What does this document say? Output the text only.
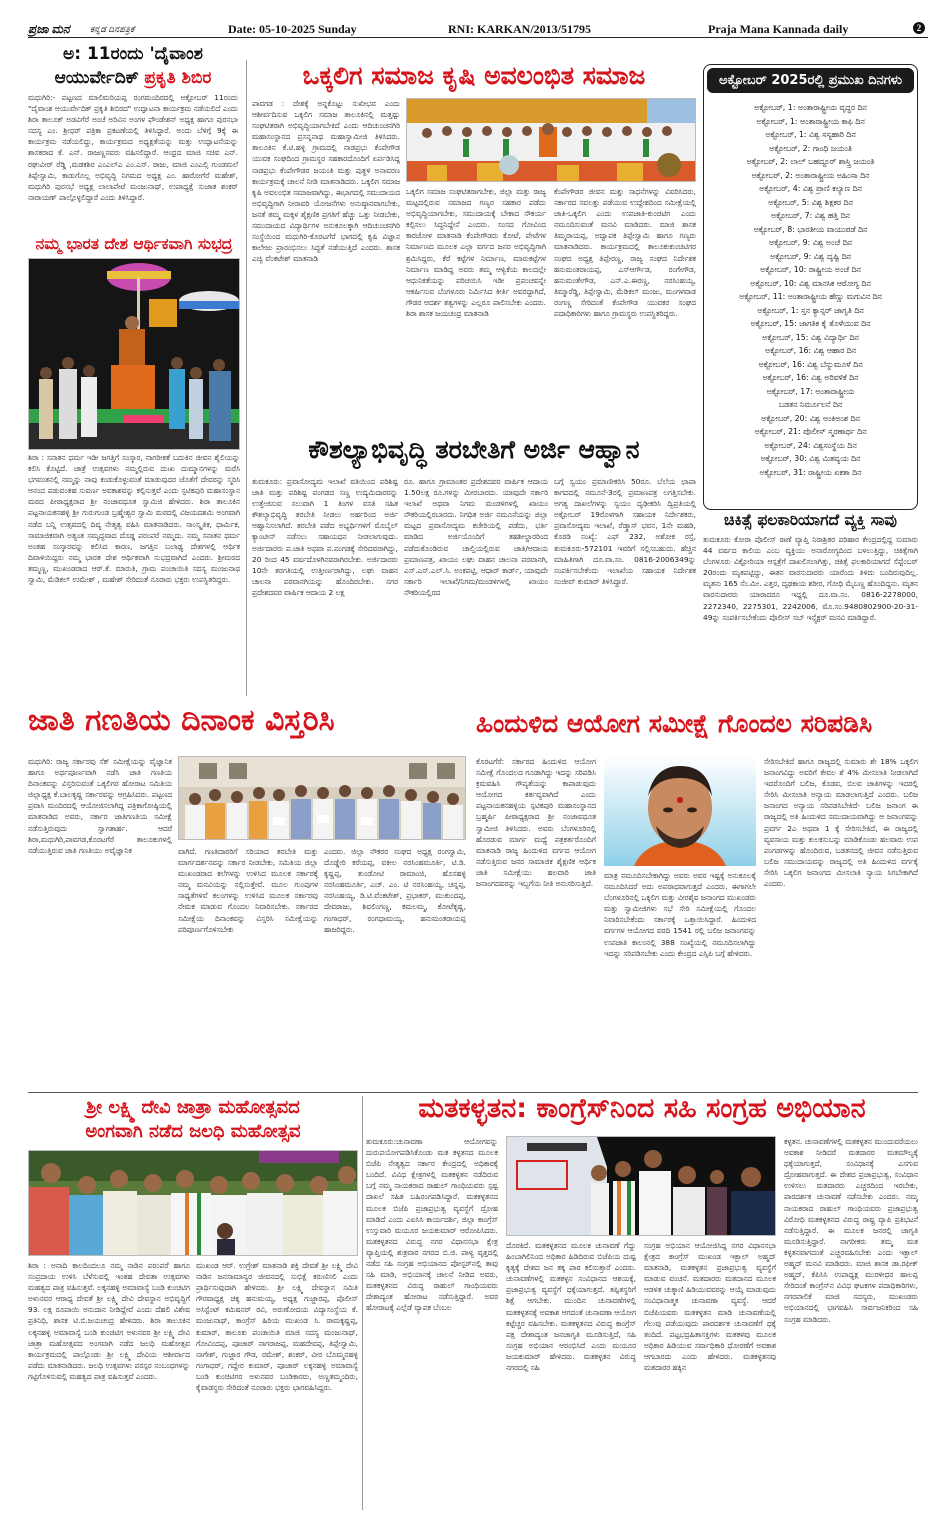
ಪ್ರಜಾ ಮನ ಕನ್ನಡ ದಿನಪತ್ರಿಕೆ	Date: 05-10-2025 Sunday	RNI: KARKAN/2013/51795	Praja Mana Kannada daily	2
ಅ: 11ರಂದು 'ದೈವಾಂಶ
ಆಯುರ್ವೇದಿಕ್ ಪ್ರಕೃತಿ ಶಿಬಿರ
ಮಧುಗಿರಿ:- ಪಟ್ಟಣದ ಮಾಲಿಮರಿಯಪ್ಪ ರಂಗಮಂದಿರದಲ್ಲಿ ಅಕ್ಟೋಬರ್ 11ರಂದು "ದೈವಾಂಶ ಆಯುರ್ವೇದಿಕ್ ಪ್ರಕೃತಿ ಶಿಬಿರದ" ಉದ್ಘಾಟನಾ ಕಾರ್ಯಕ್ರಮ ನಡೆಯಲಿದೆ ಎಂದು ಶಿರಾ ತಾಲೂಕ್ ಅಡವಿಗೆರೆ ಅಂಚೆ ಅರಿವಿನ ಅಂಗಳ ಫೌಂಡೇಶನ್ ಅಧ್ಯಕ್ಷ ಹಾಗೂ ಪುರಸಭಾ ಸದಸ್ಯ ಎಂ. ಶ್ರೀಧರ್ ಪತ್ರಿಕಾ ಪ್ರಕಟಣೆಯಲ್ಲಿ ತಿಳಿಸಿದ್ದಾರೆ. ಅಂದು ಬೆಳಿಗ್ಗೆ 9ಕ್ಕೆ ಈ ಕಾರ್ಯಕ್ರಮ ನಡೆಯಲಿದ್ದು, ಕಾರ್ಯಕ್ರಮದ ಅಧ್ಯಕ್ಷತೆಯನ್ನು ಮತ್ತು ಉದ್ಘಾಟನೆಯನ್ನು ಶಾಸಕರಾದ ಕೆ. ಎನ್. ರಾಜಣ್ಣನವರು ವಹಿಸಲಿದ್ದಾರೆ. ಆಂಧ್ರದ ಮಾಜಿ ಸಚಿವ ಎನ್. ರಘುವೀರ್ ರೆಡ್ಡಿ ,ಮಡಕಶಿರ ಎಂಎಲ್ಎ ಎಂ.ಎಸ್. ರಾಜು, ಮಾಜಿ ಎಂಎಲ್ಸಿ ಗುಂಡಮಲೆ ತಿಪ್ಪೇಸ್ವಾಮಿ, ಕಾಡುಗೊಲ್ಲ ಅಭಿವೃದ್ಧಿ ನಿಗಮದ ಅಧ್ಯಕ್ಷ ಎಂ. ಹಾರೋಗೆರೆ ಮಹೇಶ್, ಮಧುಗಿರಿ ಪುರಸಭೆ ಅಧ್ಯಕ್ಷ ಲಾಲಾಪೇಟೆ ಮಂಜುನಾಥ್, ಉಪಾಧ್ಯಕ್ಷೆ ಸುಜಾತ ಶಂಕರ್ ನಾರಾಯಣ್ ಪಾಲ್ಗೊಳ್ಳಲಿದ್ದಾರೆ ಎಂದು ತಿಳಿಸಿದ್ದಾರೆ.
ನಮ್ಮ ಭಾರತ ದೇಶ ಆರ್ಥಿಕವಾಗಿ ಸುಭದ್ರ
ಶಿರಾ : ಸನಾತನ ಧರ್ಮ ಇಡೀ ಜಗತ್ತಿಗೆ ಸಂಸ್ಕಾರ, ನಾಗರೀಕತೆ ಬದುಕಿನ ಜೀವನ ಶೈಲಿಯನ್ನು ಕಲಿಸಿ ಕೊಟ್ಟಿದೆ. ಜಾತ್ರೆ ಉತ್ಸವಗಳು ನಮ್ಮಲ್ಲಿರುವ ದುಃಖ ದುಮ್ಮಾನಗಳನ್ನು ಮರೆಸಿ ಭಗವಂತನಲ್ಲಿ ನಮ್ಮನ್ನು ನಾವು ಕಂಡುಕೊಳ್ಳುವಂತೆ ಮಾಡುವುದರ ಜೊತೆಗೆ ದೇವರನ್ನು ಸ್ಮರಿಸಿ ಆನಂದ ಪಡುವಂತಹ ಸುವರ್ಣ ಅವಕಾಶವನ್ನು ಕಲ್ಪಿಸುತ್ತವೆ ಎಂದು ಸ್ಫಟಿಕಪುರಿ ಮಹಾಸಂಸ್ಥಾನ ಮಠದ ಪೀಠಾಧ್ಯಕ್ಷರಾದ ಶ್ರೀ ನಂಜಾವಧೂತ ಸ್ವಾಮಿಜಿ ಹೇಳಿದರು. ಶಿರಾ ತಾಲೂಕಿನ ಪಟ್ಟನಾಯಕನಹಳ್ಳಿ ಶ್ರೀ ಗುರುಗುಂಡ ಬ್ರಹ್ಮೇಶ್ವರ ಸ್ವಾಮಿ ಮಠದಲ್ಲಿ ವಿಜಯದಶಮಿ ಅಂಗವಾಗಿ ನಡೆದ ಬನ್ನಿ ಉತ್ಸವದಲ್ಲಿ ದಿವ್ಯ ನೇತೃತ್ವ ವಹಿಸಿ ಮಾತನಾಡಿದರು. ಸಾಂಸ್ಕೃತಿಕ, ಧಾರ್ಮಿಕ, ಸಾಮಾಜಿಕವಾಗಿ ಅತ್ಯಂತ ಸಮೃದ್ಧವಾದ ದೊಡ್ಡ ಪರಂಪರೆ ನಮ್ಮದು. ನಮ್ಮ ಸನಾತನ ಧರ್ಮ ಅಂತಹ ಸಂಸ್ಕಾರವನ್ನು ಕಲಿಸಿದ ಕಾರಣ, ಜಗತ್ತಿನ ಬಲಾಢ್ಯ ದೇಶಗಳಲ್ಲಿ ಆರ್ಥಿಕ ದಿವಾಳಿಯಿದ್ದರು ನಮ್ಮ ಭಾರತ ದೇಶ ಆರ್ಥಿಕವಾಗಿ ಸುಭದ್ರವಾಗಿದೆ ಎಂದರು. ಶ್ರೀಮಠದ ತಮ್ಮಣ್ಣ, ಮುಖಂಡರಾದ ಆರ್.ಕೆ. ಮಾರುತಿ, ಗ್ರಾಮ ಪಂಚಾಯಿತಿ ಸದಸ್ಯ ಮಂಜುನಾಥ ಸ್ವಾಮಿ, ಮೆಡಿಕಲ್ ಉಮೇಶ್ , ಮಹೇಶ್ ಸೇರಿದಂತೆ ನೂರಾರು ಭಕ್ತರು ಉಪಸ್ಥಿತರಿದ್ದರು.
ಒಕ್ಕಲಿಗ ಸಮಾಜ ಕೃಷಿ ಅವಲಂಭಿತ ಸಮಾಜ
ಪಾವಗಡ : ದೇಶಕ್ಕೆ ಅನ್ನಕೊಟ್ಟು ಸುಖೀಭವ ಎಂದು ಆಶೀರ್ವದಿಸುವ ಒಕ್ಕಲಿಗ ಸಮಾಜ ತಾಲೂಕಿನಲ್ಲಿ ಮತ್ತಷ್ಟು ಸಂಘಟಿತರಾಗಿ ಅಭಿವೃದ್ಧಿಯಾಗಬೇಕಿದೆ ಎಂದು ಆದಿಚುಂಚನಗಿರಿ ಮಹಾಸಂಸ್ಥಾನದ ಪ್ರಸನ್ನನಾಥ ಮಹಾಸ್ವಾಮೀಜಿ ತಿಳಿಸಿದರು. ತಾಲೂಕಿನ ಕೆ.ಟಿ.ಹಳ್ಳಿ ಗ್ರಾಮದಲ್ಲಿ ನಾಡಪ್ರಭು ಕೆಂಪೇಗೌಡ ಯುವಕ ಸಂಘದಿಂದ ಗ್ರಾಮಸ್ಥರ ಸಹಕಾರದೊಂದಿಗೆ ಏರ್ಪಡಿಸಿದ್ದ ನಾಡಪ್ರಭು ಕೆಂಪೇಗೌಡರ ಜಯಂತಿ ಮತ್ತು ಪುತ್ಥಳಿ ಅನಾವರಣ ಕಾರ್ಯಕ್ರಮಕ್ಕೆ ಚಾಲನೆ ನೀಡಿ ಮಾತನಾಡಿದರು. ಒಕ್ಕಲಿಗ ಸಮಾಜ ಕೃಷಿ ಅವಲಂಭಿತ ಸಮಾಜವಾಗಿದ್ದು, ಈಭಾಗದಲ್ಲಿ ಸಮುದಾಯದ ಅಭಿವೃದ್ಧಿಗಾಗಿ ನೀರಾವರಿ ಯೋಜನೆಗಳು ಅನುಷ್ಠಾನವಾಗಬೇಕು, ಜನತೆ ತಮ್ಮ ಮಕ್ಕಳ ಶೈಕ್ಷಣಿಕ ಪ್ರಗತಿಗೆ ಹೆಚ್ಚು ಒತ್ತು ನೀಡಬೇಕು, ಸಮುದಾಯದ ವಿದ್ಯಾರ್ಥಿಗಳ ಅನುಕೂಲಕ್ಕಾಗಿ ಆದಿಚುಂಚನಗಿರಿ ಸಂಸ್ಥೆಯಿಂದ ಮಧುಗಿರಿ-ಕೊರಟಗೆರೆ ಭಾಗದಲ್ಲಿ ಕೃಷಿ ವಿಜ್ಞಾನ ಕಾಲೇಜು ಪ್ರಾರಂಭಿಸಲು ಸಿದ್ಧತೆ ನಡೆಯುತ್ತಿದೆ ಎಂದರು. ಶಾಸಕ ಎಚ್ವಿ ವೆಂಕಟೇಶ್ ಮಾತನಾಡಿ
ಒಕ್ಕಲಿಗ ಸಮಾಜ ಸಂಘಟಿತರಾಗಬೇಕು, ಜಿಲ್ಲಾ ಮತ್ತು ರಾಜ್ಯ ಮಟ್ಟದಲ್ಲಿರುವ ಸಮಾಜದ ಗಣ್ಯರ ಸಹಕಾರ ಪಡೆದು ಅಭಿವೃದ್ಧಿಯಾಗಬೇಕು, ಸಮುದಾಯಕ್ಕೆ ಬೇಕಾದ ಸೌಕರ್ಯ ಕಲ್ಪಿಸಲು ಸಿದ್ಧನಿದ್ದೇನೆ ಎಂದರು. ಸಂಸದ ಗೋವಿಂದ ಕಾರಜೋಳ ಮಾತನಾಡಿ ಕೆಂಪೇಗೌಡರು ಕೋಟೆ, ಪೇಟೆಗಳ ನಿರ್ಮಾಣದ ಮೂಲಕ ಎಲ್ಲಾ ವರ್ಗದ ಜನರ ಅಭಿವೃದ್ಧಿಗಾಗಿ ಶ್ರಮಿಸಿದ್ದರು, ಕೆರೆ ಕಟ್ಟೆಗಳ ನಿರ್ಮಾಣ, ಮಾರುಕಟ್ಟೆಗಳ ನಿರ್ಮಾಣ ಮಾಡಿದ್ದ ಅವರು ತಮ್ಮ ಆಳ್ವಿಕೆಯ ಕಾಲದಲ್ಲೇ ಆಧುನಿಕತೆಯನ್ನು ಪರಿಚಯಿಸಿ ಇಡೀ ಪ್ರಪಂಚವನ್ನೇ ಆಕರ್ಷಿಸುವ ಬೆಂಗಳೂರು ನಿರ್ಮಿಸಿದ ಕೀರ್ತಿ ಅವರದ್ದಾಗಿದೆ, ಗೌಡರ ಆದರ್ಶ ತತ್ವಗಳನ್ನು ಎಲ್ಲರೂ ಪಾಲಿಸಬೇಕು ಎಂದರು. ಶಿರಾ ಶಾಸಕ ಜಯಚಂದ್ರ ಮಾತನಾಡಿ
ಕೆಂಪೇಗೌಡರ ಜೀವನ ಮತ್ತು ಸಾಧನೆಗಳನ್ನು ವಿವರಿಸಿದರು, ಸರ್ಕಾರದ ಸವಲತ್ತು ಪಡೆಯುವ ಉದ್ದೇಶದಿಂದ ಸಮೀಕ್ಷೆಯಲ್ಲಿ ಜಾತಿ-ಒಕ್ಕಲಿಗ ಎಂದು ಉಪಜಾತಿ-ಕುಂಚಿಟಿಗ ಎಂದು ನಮೂದಿಸುವಂತೆ ಮನವಿ ಮಾಡಿದರು. ಮಾಜಿ ಶಾಸಕ ತಿಮ್ಮರಾಯಪ್ಪ, ಅದ್ವಾಪಕ ತಿಪ್ಪೇಸ್ವಾಮಿ ಹಾಗೂ ಗಣ್ಯರು ಮಾತನಾಡಿದರು. ಕಾರ್ಯಕ್ರಮದಲ್ಲಿ ತಾಲೂಕುಕುಂಚಿಟಿಗರ ಸಂಘದ ಅಧ್ಯಕ್ಷ ತಿಪ್ಪೇರಣ್ಣ, ರಾಜ್ಯ ಸಂಘದ ನಿರ್ದೇಶಕ ಹನುಮಂತರಾಯಪ್ಪ, ಎಸ್ಆರ್ಗೌಡ, ರಂಗೇಗೌಡ, ಹನುಮಂತೇಗೌಡ, ಎನ್.ಎ.ಈರಣ್ಣ, ನರಸಿಂಹಯ್ಯ, ತಿಮ್ಮಾರೆಡ್ಡಿ, ತಿಪ್ಪೇಸ್ವಾಮಿ, ಮೆಡಿಕಲ್ ಮಂಜು, ಮಂಗಳವಾಡ ರಂಗಣ್ಣ ಸೇರಿದಂತೆ ಕೆಂಪೇಗೌಡ ಯುವಕರ ಸಂಘದ ಪದಾಧಿಕಾರಿಗಳು ಹಾಗೂ ಗ್ರಾಮಸ್ಥರು ಉಪಸ್ಥಿತರಿದ್ದರು.
ಕೌಶಲ್ಯಾಭಿವೃದ್ಧಿ ತರಬೇತಿಗೆ ಅರ್ಜಿ ಆಹ್ವಾನ
ತುಮಕೂರು: ಪ್ರವಾಸೋದ್ಯಮ ಇಲಾಖೆ ವತಿಯಿಂದ ಪರಿಶಿಷ್ಟ ಜಾತಿ ಮತ್ತು ಪರಿಶಿಷ್ಟ ಪಂಗಡದ ಸಣ್ಣ ಉದ್ಯಮಿದಾರರನ್ನು ಉತ್ತೇಜಿಸುವ ಸಲುವಾಗಿ 1 ತಿಂಗಳ ವಸತಿ ಸಹಿತ ಕೌಶಲ್ಯಾಭಿವೃದ್ಧಿ ತರಬೇತಿ ನೀಡಲು ಅರ್ಹರಿಂದ ಅರ್ಜಿ ಆಹ್ವಾನಿಸಲಾಗಿದೆ. ತರಬೇತಿ ಪಡೆದ ಅಭ್ಯರ್ಥಿಗಳಿಗೆ ಮೊಬೈಲ್ ಕ್ಯಾಂಟೀನ್ ನಡೆಸಲು ಸಹಾಯಧನ ನೀಡಲಾಗುವುದು. ಅರ್ಜಿದಾರರು ಪ.ಜಾತಿ ಅಥವಾ ಪ.ಪಂಗಡಕ್ಕೆ ಸೇರಿದವರಾಗಿದ್ದು, 20 ರಿಂದ 45 ವರ್ಷದೊಳಗಿನವರಾಗಿರಬೇಕು. ಅರ್ಜಿದಾರರು 10ನೇ ತರಗತಿಯಲ್ಲಿ ಉತ್ತೀರ್ಣರಾಗಿದ್ದು, ಲಘು ವಾಹನ ಚಾಲನಾ ಪರವಾನಗಿಯನ್ನು ಹೊಂದಿರಬೇಕು. ನಗರ ಪ್ರದೇಶದವರ ವಾರ್ಷಿಕ ಆದಾಯ 2 ಲಕ್ಷ
ರೂ. ಹಾಗೂ ಗ್ರಾಮಾಂತರ ಪ್ರದೇಶದವರ ವಾರ್ಷಿಕ ಆದಾಯ 1.50ಲಕ್ಷ ರೂ.ಗಳನ್ನು ಮೀರಬಾರದು. ಯಾವುದೇ ಸರ್ಕಾರಿ ಇಲಾಖೆ ಅಥವಾ ನಿಗಮ ಮಂಡಳಿಗಳಲ್ಲಿ ಖಾಯಂ ನೌಕರಿಯಲ್ಲಿರಬಾರದು. ನಿಗಧಿತ ಅರ್ಜಿ ನಮೂನೆಯನ್ನು ಜಿಲ್ಲಾ ಮಟ್ಟದ ಪ್ರವಾಸೋದ್ಯಮ ಕಚೇರಿಯಲ್ಲಿ ಪಡೆದು, ಭರ್ತಿ ಮಾಡಿದ ಅರ್ಜಿಯೊಂದಿಗೆ ತಹಶೀಲ್ದಾರರಿಂದ ಪಡೆದುಕೊಂಡಿರುವ ಚಾಲ್ತಿಯಲ್ಲಿರುವ ಜಾತಿ/ಆದಾಯ ಪ್ರಮಾಣಪತ್ರ, ಖಾಯಂ ಲಘು ವಾಹನ ಚಾಲನಾ ಪರವಾನಗಿ, ಎಸ್.ಎಸ್.ಎಲ್.ಸಿ. ಅಂಕಪಟ್ಟಿ, ಆಧಾರ್ ಕಾರ್ಡ್, ಯಾವುದೇ ಸರ್ಕಾರಿ ಇಲಾಖೆ/ನಿಗಮ/ಮಂಡಳಿಗಳಲ್ಲಿ ಖಾಯಂ ನೌಕರಿಯಲ್ಲಿರದ
ಬಗ್ಗೆ ಸ್ವಯಂ ಪ್ರಮಾಣೀಕರಿಸಿ 50ರೂ. ಬೆಲೆಯ ಛಾಪಾ ಕಾಗದದಲ್ಲಿ ನಮೂನೆ-3ರಲ್ಲಿ ಪ್ರಮಾಣಪತ್ರ ಲಗತ್ತಿಸಬೇಕು. ಅಗತ್ಯ ದಾಖಲೆಗಳನ್ನು ಸ್ವಯಂ ದೃಢೀಕರಿಸಿ ದ್ವಿಪ್ರತಿಯಲ್ಲಿ ಅಕ್ಟೋಬರ್ 19ರೊಳಗಾಗಿ ಸಹಾಯಕ ನಿರ್ದೇಶಕರು, ಪ್ರವಾಸೋದ್ಯಮ ಇಲಾಖೆ, ರೆಡ್ಕ್ರಾಸ್ ಭವನ, 1ನೇ ಮಹಡಿ, ಕೊಠಡಿ ಸಂಖ್ಯೆ: ಎಫ್ 232, ಅಶೋಕ ರಸ್ತೆ, ತುಮಕೂರು-572101 ಇವರಿಗೆ ಸಲ್ಲಿಸಬಹುದು. ಹೆಚ್ಚಿನ ಮಾಹಿತಿಗಾಗಿ ದೂ.ವಾ.ಸಂ. 0816-2006349ನ್ನು ಸಂಪರ್ಕಿಸಬೇಕೆಂದು ಇಲಾಖೆಯ ಸಹಾಯಕ ನಿರ್ದೇಶಕ ಸಂಜೀವ್ ಕುಮಾರ್ ತಿಳಿಸಿದ್ದಾರೆ.
ಅಕ್ಟೋಬರ್ 2025ರಲ್ಲಿ ಪ್ರಮುಖ ದಿನಗಳು
ಅಕ್ಟೋಬರ್, 1: ಅಂತಾರಾಷ್ಟ್ರೀಯ ವೃದ್ಧರ ದಿನ
ಅಕ್ಟೋಬರ್, 1: ಅಂತಾರಾಷ್ಟ್ರೀಯ ಕಾಫಿ ದಿನ
ಅಕ್ಟೋಬರ್, 1: ವಿಶ್ವ ಸಸ್ಯಹಾರಿ ದಿನ
ಅಕ್ಟೋಬರ್, 2: ಗಾಂಧಿ ಜಯಂತಿ
ಅಕ್ಟೋಬರ್, 2: ಲಾಲ್ ಬಹದ್ದೂರ್ ಶಾಸ್ತ್ರಿ ಜಯಂತಿ
ಅಕ್ಟೋಬರ್, 2: ಅಂತಾರಾಷ್ಟ್ರೀಯ ಅಹಿಂಸಾ ದಿನ
ಅಕ್ಟೋಬರ್, 4: ವಿಶ್ವ ಪ್ರಾಣಿ ಕಲ್ಯಾಣ ದಿನ
ಅಕ್ಟೋಬರ್, 5: ವಿಶ್ವ ಶಿಕ್ಷಕರ ದಿನ
ಅಕ್ಟೋಬರ್, 7: ವಿಶ್ವ ಹತ್ತಿ ದಿನ
ಅಕ್ಟೋಬರ್, 8: ಭಾರತೀಯ ವಾಯುಪಡೆ ದಿನ
ಅಕ್ಟೋಬರ್, 9: ವಿಶ್ವ ಅಂಚೆ ದಿನ
ಅಕ್ಟೋಬರ್, 9: ವಿಶ್ವ ದೃಷ್ಟಿ ದಿನ
ಅಕ್ಟೋಬರ್, 10: ರಾಷ್ಟ್ರೀಯ ಅಂಚೆ ದಿನ
ಅಕ್ಟೋಬರ್, 10: ವಿಶ್ವ ಮಾನಸಿಕ ಆರೋಗ್ಯ ದಿನ
ಅಕ್ಟೋಬರ್, 11: ಅಂತಾರಾಷ್ಟ್ರೀಯ ಹೆಣ್ಣು ಮಗುವಿನ ದಿನ
ಅಕ್ಟೋಬರ್, 1: ಸ್ತನ ಕ್ಯಾನ್ಸರ್ ಜಾಗೃತಿ ದಿನ
ಅಕ್ಟೋಬರ್, 15: ಜಾಗತಿಕ ಕೈ ತೊಳೆಯುವ ದಿನ
ಅಕ್ಟೋಬರ್, 15: ವಿಶ್ವ ವಿದ್ಯಾರ್ಥಿ ದಿನ
ಅಕ್ಟೋಬರ್, 16: ವಿಶ್ವ ಆಹಾರ ದಿನ
ಅಕ್ಟೋಬರ್, 16: ವಿಶ್ವ ಬೆನ್ನುಮೂಳೆ ದಿನ
ಅಕ್ಟೋಬರ್, 16: ವಿಶ್ವ ಅರಿವಳಿಕೆ ದಿನ
ಅಕ್ಟೋಬರ್, 17: ಅಂತಾರಾಷ್ಟ್ರೀಯ
ಬಡತನ ನಿರ್ಮೂಲನೆ ದಿನ
ಅಕ್ಟೋಬರ್, 20: ವಿಶ್ವ ಅಂಕಿಅಂಶ ದಿನ
ಅಕ್ಟೋಬರ್, 21: ಪೊಲೀಸ್ ಸ್ಮರಣಾರ್ಥ ದಿನ
ಅಕ್ಟೋಬರ್, 24: ವಿಶ್ವಸಂಸ್ಥೆಯ ದಿನ
ಅಕ್ಟೋಬರ್, 30: ವಿಶ್ವ ಮಿತವ್ಯಯ ದಿನ
ಅಕ್ಟೋಬರ್, 31: ರಾಷ್ಟ್ರೀಯ ಏಕತಾ ದಿನ
ಚಿಕಿತ್ಸೆ ಫಲಕಾರಿಯಾಗದೆ ವ್ಯಕ್ತಿ ಸಾವು
ತುಮಕೂರು ಕೋರಾ ಪೊಲೀಸ್ ಠಾಣೆ ವ್ಯಾಪ್ತಿ ನಿರಾಶ್ರಿತರ ಪರಿಹಾರ ಕೇಂದ್ರದಲ್ಲಿದ್ದ ಸುಮಾರು 44 ವರ್ಷದ ಕಾಲಿಯ ಎಂಬ ವ್ಯಕ್ತಿಯು ಅನಾರೋಗ್ಯದಿಂದ ಬಳಲುತ್ತಿದ್ದು, ಚಿಕಿತ್ಸೆಗಾಗಿ ಬೆಂಗಳೂರು ವಿಕ್ಟೋರಿಯಾ ಆಸ್ಪತ್ರೆಗೆ ದಾಖಲಿಸಲಾಗಿತ್ತು, ಚಿಕಿತ್ಸೆ ಫಲಕಾರಿಯಾಗದೆ ಸೆಪ್ಟೆಂಬರ್ 20ರಂದು ಮೃತಪಟ್ಟಿದ್ದು, ಈತನ ವಾರಸುದಾರರು ಯಾರೆಂದು ತಿಳಿದು ಬಂದಿರುವುದಿಲ್ಲ. ಮೃತನು 165 ಸೆಂ.ಮೀ. ಎತ್ತರ, ದೃಢಕಾಯ ಶರೀರ, ಗೋಧಿ ಮೈಬಣ್ಣ ಹೊಂದಿದ್ದನು. ಮೃತನ ವಾರಸುದಾರರು ಯಾರಾದರೂ ಇದ್ದಲ್ಲಿ ದೂ.ವಾ.ಸಂ. 0816-2278000, 2272340, 2275301, 2242006, ಮೊ.ಸಂ.9480802900-20-31-49ನ್ನು ಸಂಪರ್ಕಿಸಬೇಕೆಂದು ಪೊಲೀಸ್ ಸಬ್ ಇನ್ಸ್ಪೆಕ್ಟರ್ ಮನವಿ ಮಾಡಿದ್ದಾರೆ.
ಜಾತಿ ಗಣತಿಯ ದಿನಾಂಕ ವಿಸ್ತರಿಸಿ	ಹಿಂದುಳಿದ ಆಯೋಗ ಸಮೀಕ್ಷೆ ಗೊಂದಲ ಸರಿಪಡಿಸಿ
ಮಧುಗಿರಿ: ರಾಜ್ಯ ಸರ್ಕಾರವು ಸೆಕ್ ಸಮೀಕ್ಷೆಯನ್ನು ವೈಜ್ಞಾನಿಕ ಹಾಗೂ ಅರ್ಥಪೂರ್ಣವಾಗಿ ನಡೆಸಿ ಜಾತಿ ಗಣತಿಯ ದಿನಾಂಕವನ್ನು ವಿಸ್ತರಿಸುವಂತೆ ಒಕ್ಕಲಿಗರ ಹೋರಾಟ ಸಮಿತಿಯ ಜಿಲ್ಲಾಧ್ಯಕ್ಷ ಕೆ.ಬಾಲಕೃಷ್ಣ ಸರ್ಕಾರವನ್ನು ಆಗ್ರಹಿಸಿದರು. ಪಟ್ಟಣದ ಪ್ರವಾಸಿ ಮಂದಿರದಲ್ಲಿ ಆಯೋಜಿಸಲಾಗಿದ್ದ ಪತ್ರಿಕಾಗೋಷ್ಠಿಯಲ್ಲಿ ಮಾತನಾಡಿದ ಅವರು, ಸರ್ಕಾರ ಜಾತಿಗಣತಿಯ ಸಮೀಕ್ಷೆ ನಡೆಸುತ್ತಿರುವುದು ಸ್ವಾಗತಾರ್ಹ. ಆದರೆ ಶಿರಾ,ಮಧುಗಿರಿ,ಪಾವಗಡ,ಕೊರಟಗೆರೆ ತಾಲೂಕುಗಳಲ್ಲಿ ನಡೆಯುತ್ತಿರುವ ಜಾತಿ ಗಣತಿಯು ಅವೈಜ್ಞಾನಿಕ	ವಾಗಿದೆ. ಗಣತಿದಾರರಿಗೆ ಸರಿಯಾದ ತರಬೇತಿ ಮತ್ತು ಮಾರ್ಗದರ್ಶನವನ್ನು ಸರ್ಕಾರ ನೀಡಬೇಕು, ಸಮಿತಿಯ ಜಿಲ್ಲಾ ಮುಖಂಡರಾದ ಕಲೆಗಳನ್ನು ಉಳಿಸಿದ ಮೂಲಕ ಸರ್ಕಾರಕ್ಕೆ ನಮ್ಮ ಮನವಿಯನ್ನು ಸಲ್ಲಿಸುತ್ತೇವೆ. ಮೂಲ ಗುಂಪುಗಳ ಸಾಧ್ಯತೆಗಳಿವೆ ಕಲಂಗಳನ್ನು ಉಳಿಸಿದ ಮೂಲಕ ಸರ್ಕಾರವು ನೇಮಕ ಮಾಡುವ ಗೊಂದಲ ನಿವಾರಿಸಬೇಕು. ಸರ್ಕಾರದ ಸಮೀಕ್ಷೆಯ ದಿನಾಂಕವನ್ನು ವಿಸ್ತರಿಸಿ ಸಮೀಕ್ಷೆಯನ್ನು ಪರಿಪೂರ್ಣಗೊಳಿಸಬೇಕು
ಎಂದರು. ಜಿಲ್ಲಾ ನೌಕರರ ಸಂಘದ ಅಧ್ಯಕ್ಷ ರಂಗಸ್ವಾಮಿ, ದೊಡ್ಡೇರಿ ಕರೆಯಪ್ಪ, ವಕೀಲ ನರಸಿಂಹಮೂರ್ತಿ, ಟಿ.ಡಿ. ಕೃಷ್ಣಪ್ಪ, ತುಂಡೋಟಿ ರಾಮಾಂಜಿ, ಹೊಸಹಳ್ಳಿ ನರಸಿಂಹಮೂರ್ತಿ, ಎಚ್. ಎಂ. ಟಿ ನರಸಿಂಹಯ್ಯ, ಚನ್ನಪ್ಪ, ನರಸಿಂಹಯ್ಯ, ಡಿ.ಟಿ.ವೆಂಕಟೇಶ್, ಪ್ರಭಾಕರ್, ಮುಕುಂದಪ್ಪ, ದೇವರಾಜು, ಶಿವಲಿಂಗಣ್ಣ, ಕಮಲಮ್ಮ, ಕೋಟೆಕೃಷ್ಣ, ಗಂಗಾಧರ್, ರಂಗಧಾಮಯ್ಯ, ಹನುಮಂತರಾಯಪ್ಪ ಹಾಜರಿದ್ದರು.
ಕೊರಟಗೆರೆ: ಸರ್ಕಾರದ ಹಿಂದುಳಿದ ಆಯೋಗ ಸಮೀಕ್ಷೆ ಗೊಂದಲದ ಗೂಡಾಗಿದ್ದು ಇದನ್ನು ಸರಿಪಡಿಸಿ ಕ್ರಮವಹಿಸಿ ಗೌಪ್ಯತೆಯನ್ನು ಕಾಪಾಡುವುದು ಆಯೋಗದ ಕರ್ತವ್ಯವಾಗಿದೆ ಎಂದು ಪಟ್ಟನಾಯಕನಹಳ್ಳಿಯ ಸ್ಪಟಿಕಪುರಿ ಮಹಾಸಂಸ್ಥಾನದ ಬ್ರಹ್ಮರ್ಷಿ ಪೀಠಾಧ್ಯಕ್ಷರಾದ ಶ್ರೀ ನಂಜಾವಧೂತ ಸ್ವಾಮೀಜಿ ತಿಳಿಸಿದರು. ಅವರು ಬೆಂಗಳೂರಿನಲ್ಲಿ ಹೊರಡುವ ಮಾರ್ಗ ಮಧ್ಯೆ ಪತ್ರಕರ್ತರೊಂದಿಗೆ ಮಾತನಾಡಿ ರಾಜ್ಯ ಹಿಂದುಳಿದ ವರ್ಗದ ಆಯೋಗ ನಡೆಸುತ್ತಿರುವ ಜನರ ಸಾಮಾಜಿಕ ಶೈಕ್ಷಣಿಕ ಆರ್ಥಿಕ ಜಾತಿ ಸಮೀಕ್ಷೆಯು ಹಲವಾರಿ ಜಾತಿ ಜನಾಂಗದವರನ್ನು ಇಬ್ಬಗೆಯ ನೀತಿ ಅನುಸರಿಸುತ್ತಿದೆ.
ಮಾತ್ರ ನಮೂದಿಸಬೇಕಾಗಿದ್ದು ಅವರು ಅವರ ಇಷ್ಟಕ್ಕೆ ಅನುಕೂಲಕ್ಕೆ ನಮೂದಿಸಿದರೆ ಅದು ಅಪರಾಧವಾಗುತ್ತದೆ ಎಂದರು. ಈಗಾಗಲೇ ಬೆಂಗಳೂರಿನಲ್ಲಿ ಒಕ್ಕಲಿಗ ಮತ್ತು ವೀರಶೈವ ಜನಾಂಗದ ಮುಖಂಡರು ಮತ್ತು ಸ್ವಾಮೀಜಿಗಳು ಸಭೆ ಸೇರಿ ಸಮೀಕ್ಷೆಯಲ್ಲಿ ಗೊಂದಲ ನಿವಾರಿಸಬೇಕೆಂದು ಸರ್ಕಾರಕ್ಕೆ ಒತ್ತಾಯಿಸಿದ್ದಾರೆ. ಹಿಂದುಳಿದ ವರ್ಗಗಳ ಆಯೋಗದ ವರದಿ 1541 ರಲ್ಲಿ ಬಲಿಜ ಜನಾಂಗವನ್ನು ಉಪಜಾತಿ ಕಾಲಂನಲ್ಲಿ 388 ಸಂಖ್ಯೆಯಲ್ಲಿ ನಮೂದಿಸಲಾಗಿದ್ದು ಇದನ್ನು ಸರಿಪಡಿಸಬೇಕು ಎಂದು ಕೇಂದ್ರದ ಎಸ್ಸಿಪಿ ಬಗ್ಗೆ ಹೇಳಿದರು.
ಸೇರಿಸಬೇಕಿದೆ ಹಾಗೂ ರಾಜ್ಯದಲ್ಲಿ ಸುಮಾರು ಶೇ 18% ಒಕ್ಕಲಿಗ ಜನಾಂಗವಿದ್ದು ಅವರಿಗೆ ಕೇವಲ ಶೆ 4% ಮೀಸಲಾತಿ ನೀಡಲಾಗಿದೆ ಇದರೊಂದಿಗೆ ಬಲಿಜ, ಕೊಡವ, ಬಿಲವ ಜಾತಿಗಳನ್ನು ಇದರಲ್ಲಿ ಸೇರಿಸಿ ಮೀಸಲಾತಿ ಅನ್ಯಾಯ ಮಾಡಲಾಗುತ್ತಿದೆ ಎಂದರು. ಬಲಿಜ ಜನಾಂಗದ ಅನ್ಯಾಯ ಸರಿಪಡಸಿಬೇಕಿದೆ- ಬಲಿಜ ಜನಾಂಗ ಈ ರಾಜ್ಯದಲ್ಲಿ ಅತಿ ಹಿಂದುಳಿದ ಸಮುದಾಯವಾಗಿದ್ದು ಆ ಜನಾಂಗವನ್ನು ಪ್ರವರ್ಗ 2ಎ ಅಥವಾ 1 ಕ್ಕೆ ಸೇರಿಸಬೇಕಿದೆ, ಈ ರಾಜ್ಯದಲ್ಲಿ ವ್ಯವಸಾಯ ಮತ್ತು ಕುಲಕಸುಬನ್ನು ಮಾಡಿಕೊಂಡು ಹಲವಾರು ಉಪ ಪಂಗಡಗಳನ್ನು ಹೊಂದಿರುವ, ಬಡತನದಲ್ಲಿ ಜೀವನ ನಡೆಸುತ್ತಿರುವ ಬಲಿಜ ಸಮುದಾಯವನ್ನು ರಾಜ್ಯದಲ್ಲಿ ಅತಿ ಹಿಂದುಳಿದ ವರ್ಗಕ್ಕೆ ಸೇರಿಸಿ ಒಕ್ಕಲಿಗ ಜನಾಂಗದ ಮೀಸಲಾತಿ ನ್ಯಾಯ ಸಿಗಬೇಕಾಗಿದೆ ಎಂದರು.
ಶ್ರೀ ಲಕ್ಷ್ಮಿ ದೇವಿ ಜಾತ್ರಾ ಮಹೋತ್ಸವದ
ಅಂಗವಾಗಿ ನಡೆದ ಜಲಧಿ ಮಹೋತ್ಸವ
ಶಿರಾ : ಅನಾದಿ ಕಾಲದಿಂದಲೂ ನಮ್ಮ ನಾಡಿನ ಪರಂಪರೆ ಹಾಗೂ ಸಂಪ್ರದಾಯ ಉಳಿಸಿ ಬೆಳೆಸುವಲ್ಲಿ ಇಂತಹ ದೇವತಾ ಉತ್ಸವಗಳು ಮಹತ್ವದ ಪಾತ್ರ ವಹಿಸುತ್ತವೆ. ಲಕ್ಕನಹಳ್ಳಿ ಅಮಾವಾಸ್ಯೆ ಬಂಡಿ ಕುಂಚಿಟಿಗ ಅಳುನವರ ಆರಾಧ್ಯ ದೇವತೆ ಶ್ರೀ ಲಕ್ಷ್ಮಿ ದೇವಿ ದೇವಸ್ಥಾನ ಅಭಿವೃದ್ಧಿಗೆ 93. ಲಕ್ಷ ರೂಪಾಯಿ ಅನುದಾನ ನೀಡಿದ್ದೇವೆ ಎಂದು ದೆಹಲಿ ವಿಶೇಷ ಪ್ರತಿನಿಧಿ, ಶಾಸಕ ಟಿ.ಬಿ.ಜಯಚಂದ್ರ ಹೇಳಿದರು. ಶಿರಾ ತಾಲೂಕಿನ ಲಕ್ಕನಹಳ್ಳಿ ಅಮಾವಾಸ್ಯೆ ಬಂಡಿ ಕುಂಚಿಟಿಗ ಅಳುನವರ ಶ್ರೀ ಲಕ್ಷ್ಮಿ ದೇವಿ ಜಾತ್ರಾ ಮಹೋತ್ಸವದ ಅಂಗವಾಗಿ ನಡೆದ ಜಲಧಿ ಮಹೋತ್ಸವ ಕಾರ್ಯಕ್ರಮದಲ್ಲಿ ಪಾಲ್ಗೊಂಡು ಶ್ರೀ ಲಕ್ಷ್ಮಿ ದೇವಿಯ ಆಶೀರ್ವಾದ ಪಡೆದು ಮಾತನಾಡಿದರು. ಜಲಧಿ ಉತ್ಸವಗಳು ಪರಸ್ಪರ ಸಂಬಂಧಗಳನ್ನು ಗಟ್ಟಿಗೊಳಿಸುವಲ್ಲಿ ಮಹತ್ವದ ಪಾತ್ರ ವಹಿಸುತ್ತವೆ ಎಂದರು.
ಮುಖಂಡ ಆರ್. ಉಗ್ರೇಶ್ ಮಾತನಾಡಿ ಶಕ್ತಿ ದೇವತೆ ಶ್ರೀ ಲಕ್ಷ್ಮಿ ದೇವಿ ನಾಡಿನ ಜನಸಾಮಾನ್ಯರ ಜೀವನದಲ್ಲಿ ಸುಭಿಕ್ಷೆ ಕರುಣಿಸಲಿ ಎಂದು ಪ್ರಾರ್ಥಿಸುವುದಾಗಿ ಹೇಳಿದರು. ಶ್ರೀ ಲಕ್ಷ್ಮಿ ದೇವಸ್ಥಾನ ಸಮಿತಿ ಗೌರವಾಧ್ಯಕ್ಷ ಚಿಕ್ಕ ಹನುಮಯ್ಯ, ಅಧ್ಯಕ್ಷ ಗುಜ್ಜಾರಪ್ಪ, ಪೊಲೀಸ್ ಅಸಿಸ್ಟೆಂಟ್ ಕಮಿಷನರ್ ರವಿ, ಅರುಣೋದಯ ವಿದ್ಯಾಸಂಸ್ಥೆಯ ಕೆ. ಮಂಜುನಾಥ್, ಕಾಂಗ್ರೆಸ್ ಹಿರಿಯ ಮುಖಂಡ ಸಿ. ರಾಮಕೃಷ್ಣಪ್ಪ, ಕುಮಾರ್, ತಾಲೂಕು ಪಂಚಾಯಿತಿ ಮಾಜಿ ಸದಸ್ಯ ಮಂಜುನಾಥ್, ಗೋವಿಂದಪ್ಪ, ಪೂಜಾರ್ ನಾಗರಾಜಪ್ಪ, ಮಹದೇವಪ್ಪ, ತಿಪ್ಪೇಸ್ವಾಮಿ, ನಾಗೇಶ್, ಗುಜ್ಜಾರ ಗೌಡ, ರಮೇಶ್, ಶಂಕರ್, ವೀರ ಬೊಮ್ಮನಹಳ್ಳಿ ಗಂಗಾಧರ್, ಗದ್ದೇರ ಕುಮಾರ್, ಪೂಜಾರ್ ಲಕ್ಕನಹಳ್ಳಿ ಅಮಾವಾಸ್ಯೆ ಬಂಡಿ ಕುಂಚಿಟಿಗರ ಅಳುನವರ ಬಂಡಿಕಾರರು, ಅಣ್ಣತಮ್ಮಂದಿರು, ಕೈವಾಡಸ್ಥರು ಸೇರಿದಂತೆ ನೂರಾರು ಭಕ್ತರು ಭಾಗವಹಿಸಿದ್ದರು.
ಮತಕಳ್ಳತನ: ಕಾಂಗ್ರೆಸ್‌ನಿಂದ ಸಹಿ ಸಂಗ್ರಹ ಅಭಿಯಾನ
ತುಮಕೂರು:ಚುನಾವಣಾ ಆಯೋಗವನ್ನು ದುರುಪಯೋಗಪಡಿಸಿಕೊಂಡು ಮತ ಕಳ್ಳತನದ ಮೂಲಕ ಬಿಜೆಪಿ ನೇತೃತ್ವದ ಸರ್ಕಾರ ಕೇಂದ್ರದಲ್ಲಿ ಅಧಿಕಾರಕ್ಕೆ ಬಂದಿದೆ. ವಿವಿಧ ಕ್ಷೇತ್ರಗಳಲ್ಲಿ ಮತಕಳ್ಳತನ ನಡೆದಿರುವ ಬಗ್ಗೆ ನಮ್ಮ ನಾಯಕರಾದ ರಾಹುಲ್ ಗಾಂಧಿಯವರು ಸ್ಪಷ್ಟ ದಾಖಲೆ ಸಹಿತ ಬಹಿರಂಗಪಡಿಸಿದ್ದಾರೆ. ಮತಕಳ್ಳತನದ ಮೂಲಕ ಬಿಜೆಪಿ ಪ್ರಜಾಪ್ರಭುತ್ವ ವ್ಯವಸ್ಥೆಗೆ ದ್ರೋಹ ಮಾಡಿದೆ ಎಂದು ಎಐಸಿಸಿ ಕಾರ್ಯದರ್ಶಿ, ಜಿಲ್ಲಾ ಕಾಂಗ್ರೆಸ್ ಉಸ್ತುವಾರಿ ಮಯೂರ ಜಯಕುಮಾರ್ ಆರೋಪಿಸಿದರು. ಮತಕಳ್ಳತನದ ವಿರುದ್ಧ ನಗರ ವಿಧಾನಸಭಾ ಕ್ಷೇತ್ರ ವ್ಯಾಪ್ತಿಯಲ್ಲಿ ಶುಕ್ರವಾರ ನಗರದ ಬಿ.ಜಿ. ಪಾಳ್ಯ ವೃತ್ತದಲ್ಲಿ ನಡೆದ ಸಹಿ ಸಂಗ್ರಹ ಅಭಿಯಾನದ ಪೋಸ್ಟರ್‌ನಲ್ಲಿ ತಾವು ಸಹಿ ಮಾಡಿ, ಅಭಿಯಾನಕ್ಕೆ ಚಾಲನೆ ನೀಡಿದ ಅವರು, ಮತಕಳ್ಳತನದ ವಿರುದ್ಧ ರಾಹುಲ್ ಗಾಂಧಿಯವರು ದೇಶಾದ್ಯಂತ ಹೋರಾಟ ನಡೆಸುತ್ತಿದ್ದಾರೆ. ಅವರ ಹೋರಾಟಕ್ಕೆ ಎಲ್ಲೆಡೆ ವ್ಯಾಪಕ ಬೆಂಬಲ
ದೊರಕಿದೆ. ಮತಕಳ್ಳತನದ ಮೂಲಕ ಚುನಾವಣೆ ಗೆದ್ದು ಹಿಂಬಾಗಿಲಿನಿಂದ ಅಧಿಕಾರ ಹಿಡಿದಿರುವ ಬಿಜೆಪಿಯ ದುಷ್ಟ ಕೃತ್ಯಕ್ಕೆ ದೇಶದ ಜನ ತಕ್ಕ ಪಾಠ ಕಲಿಸುತ್ತಾರೆ ಎಂದರು. ಚುನಾವಣೆಗಳಲ್ಲಿ ಮತಕಳ್ಳನ ಸಂವಿಧಾನದ ಆಶಯಕ್ಕೆ, ಪ್ರಜಾಪ್ರಭುತ್ವ ವ್ಯವಸ್ಥೆಗೆ ಧಕ್ಕೆಯಾಗುತ್ತದೆ. ತಪ್ಪಿತಸ್ಥರಿಗೆ ಶಿಕ್ಷೆ ಆಗಬೇಕು. ಮುಂದಿನ ಚುನಾವಣೆಗಳಲ್ಲಿ ಮತಕಳ್ಳತನಕ್ಕೆ ಅವಕಾಶ ಆಗದಂತೆ ಚುನಾವಣಾ ಆಯೋಗ ಕಟ್ಟೆಚ್ಚರ ವಹಿಸಬೇಕು. ಮತಕಳ್ಳತನದ ವಿರುದ್ಧ ಕಾಂಗ್ರೆಸ್ ಪಕ್ಷ ದೇಶಾದ್ಯಂತ ಜನಜಾಗೃತಿ ಮೂಡಿಸುತ್ತಿದೆ, ಸಹಿ ಸಂಗ್ರಹ ಅಭಿಯಾನ ಆರಂಭಿಸಿದೆ ಎಂದು ಮಯೂರ ಜಯಕುಮಾರ್ ಹೇಳಿದರು. ಮತಕಳ್ಳತನ ವಿರುದ್ಧ ನಗರದಲ್ಲಿ ಸಹಿ
ಸಂಗ್ರಹ ಅಭಿಯಾನ ಆಯೋಜಿಸಿದ್ದ ನಗರ ವಿಧಾನಸಭಾ ಕ್ಷೇತ್ರದ ಕಾಂಗ್ರೆಸ್ ಮುಖಂಡ ಇಕ್ಬಾಲ್ ಅಹ್ಮದ್ ಮಾತನಾಡಿ, ಮತಕಳ್ಳತನ ಪ್ರಜಾಪ್ರಭುತ್ವ ವ್ಯವಸ್ಥೆಗೆ ಮಾಡುವ ವಂಚನೆ. ಮತದಾರರು ಮತದಾನದ ಮೂಲಕ ಆಡಳಿತ ಚುಕ್ಕಾಣಿ ಹಿಡಿಯುವವರನ್ನು ಆಯ್ಕೆ ಮಾಡುವುದು ಸಂವಿಧಾನಾತ್ಮಕ ಚುನಾವಣಾ ವ್ಯವಸ್ಥೆ. ಆದರೆ ಬಿಜೆಪಿಯವರು ಮತಕಳ್ಳತನ ಮಾಡಿ ಚುನಾವಣೆಯಲ್ಲಿ ಗೆಲುವು ಪಡೆಯುವುದು ಪಾರದರ್ಶಕ ಚುನಾವಣೆಗೆ ಧಕ್ಕೆ ತಂದಿದೆ. ಪಟ್ಟಭದ್ರಹಿತಾಸಕ್ತಿಗಳು ಮತಕಳವು ಮೂಲಕ ಅಧಿಕಾರ ಹಿಡಿಯುವ ಸರ್ವಾಧಿಕಾರಿ ಧೋರಣೆಗೆ ಅವಕಾಶ ಆಗಬಾರದು ಎಂದು ಹೇಳಿದರು. ಮತಕಳ್ಳತನವು ಮತದಾರರ ಹಕ್ಕಿನ
ಕಳ್ಳತನ. ಚುನಾವಣೆಗಳಲ್ಲಿ ಮತಕಳ್ಳತನ ಮುಂದುವರೆಯಲು ಅವಕಾಶ ನೀಡಿದರೆ ಮತದಾರರ ಮತಮೌಲ್ಯಕ್ಕೆ ಧಕ್ಕೆಯಾಗುತ್ತದೆ, ಸಂವಿಧಾನಕ್ಕೆ ಎಸಗುವ ದ್ರೋಹವಾಗುತ್ತದೆ. ಈ ದೇಶದ ಪ್ರಜಾಪ್ರಭುತ್ವ, ಸಂವಿಧಾನ ಉಳಿಸಲು ಮತದಾರರು ಎಚ್ಚರದಿಂದ ಇರಬೇಕು, ಪಾರದರ್ಶಕ ಚುನಾವಣೆ ನಡೆಸಬೇಕು ಎಂದರು. ನಮ್ಮ ನಾಯಕರಾದ ರಾಹುಲ್ ಗಾಂಧಿಯವರು ಪ್ರಜಾಪ್ರಭುತ್ವ ವಿರೋಧಿ ಮತಕಳ್ಳತನದ ವಿರುದ್ಧ ರಾಷ್ಟ್ರ ವ್ಯಾಪಿ ಪ್ರತಿಭಟನೆ ನಡೆಸುತ್ತಿದ್ದಾರೆ. ಈ ಮೂಲಕ ಜನರಲ್ಲಿ ಜಾಗೃತಿ ಮೂಡಿಸುತ್ತಿದ್ದಾರೆ. ನಾಗರೀಕರು ತಮ್ಮ ಮತ ಕಳ್ಳತನವಾಗದಂತೆ ಎಚ್ಚರವಹಿಸಬೇಕು ಎಂದು ಇಕ್ಬಾಲ್ ಅಹ್ಮದ್ ಮನವಿ ಮಾಡಿದರು. ಮಾಜಿ ಶಾಸಕ ಡಾ.ರಫೀಕ್ ಅಹ್ಮದ್, ಕೆಪಿಸಿಸಿ ಉಪಾಧ್ಯಕ್ಷ ಮುರಳೀಧರ ಹಾಲಪ್ಪ ಸೇರಿದಂತೆ ಕಾಂಗ್ರೆಸ್‌ನ ವಿವಿಧ ಘಟಕಗಳ ಪದಾಧಿಕಾರಿಗಳು, ನಗರಪಾಲಿಕೆ ಮಾಜಿ ಸದಸ್ಯರು, ಮುಖಂಡರು ಅಭಿಯಾನದಲ್ಲಿ ಭಾಗವಹಿಸಿ ಸಾರ್ವಜನಿಕರಿಂದ ಸಹಿ ಸಂಗ್ರಹ ಮಾಡಿದರು.
